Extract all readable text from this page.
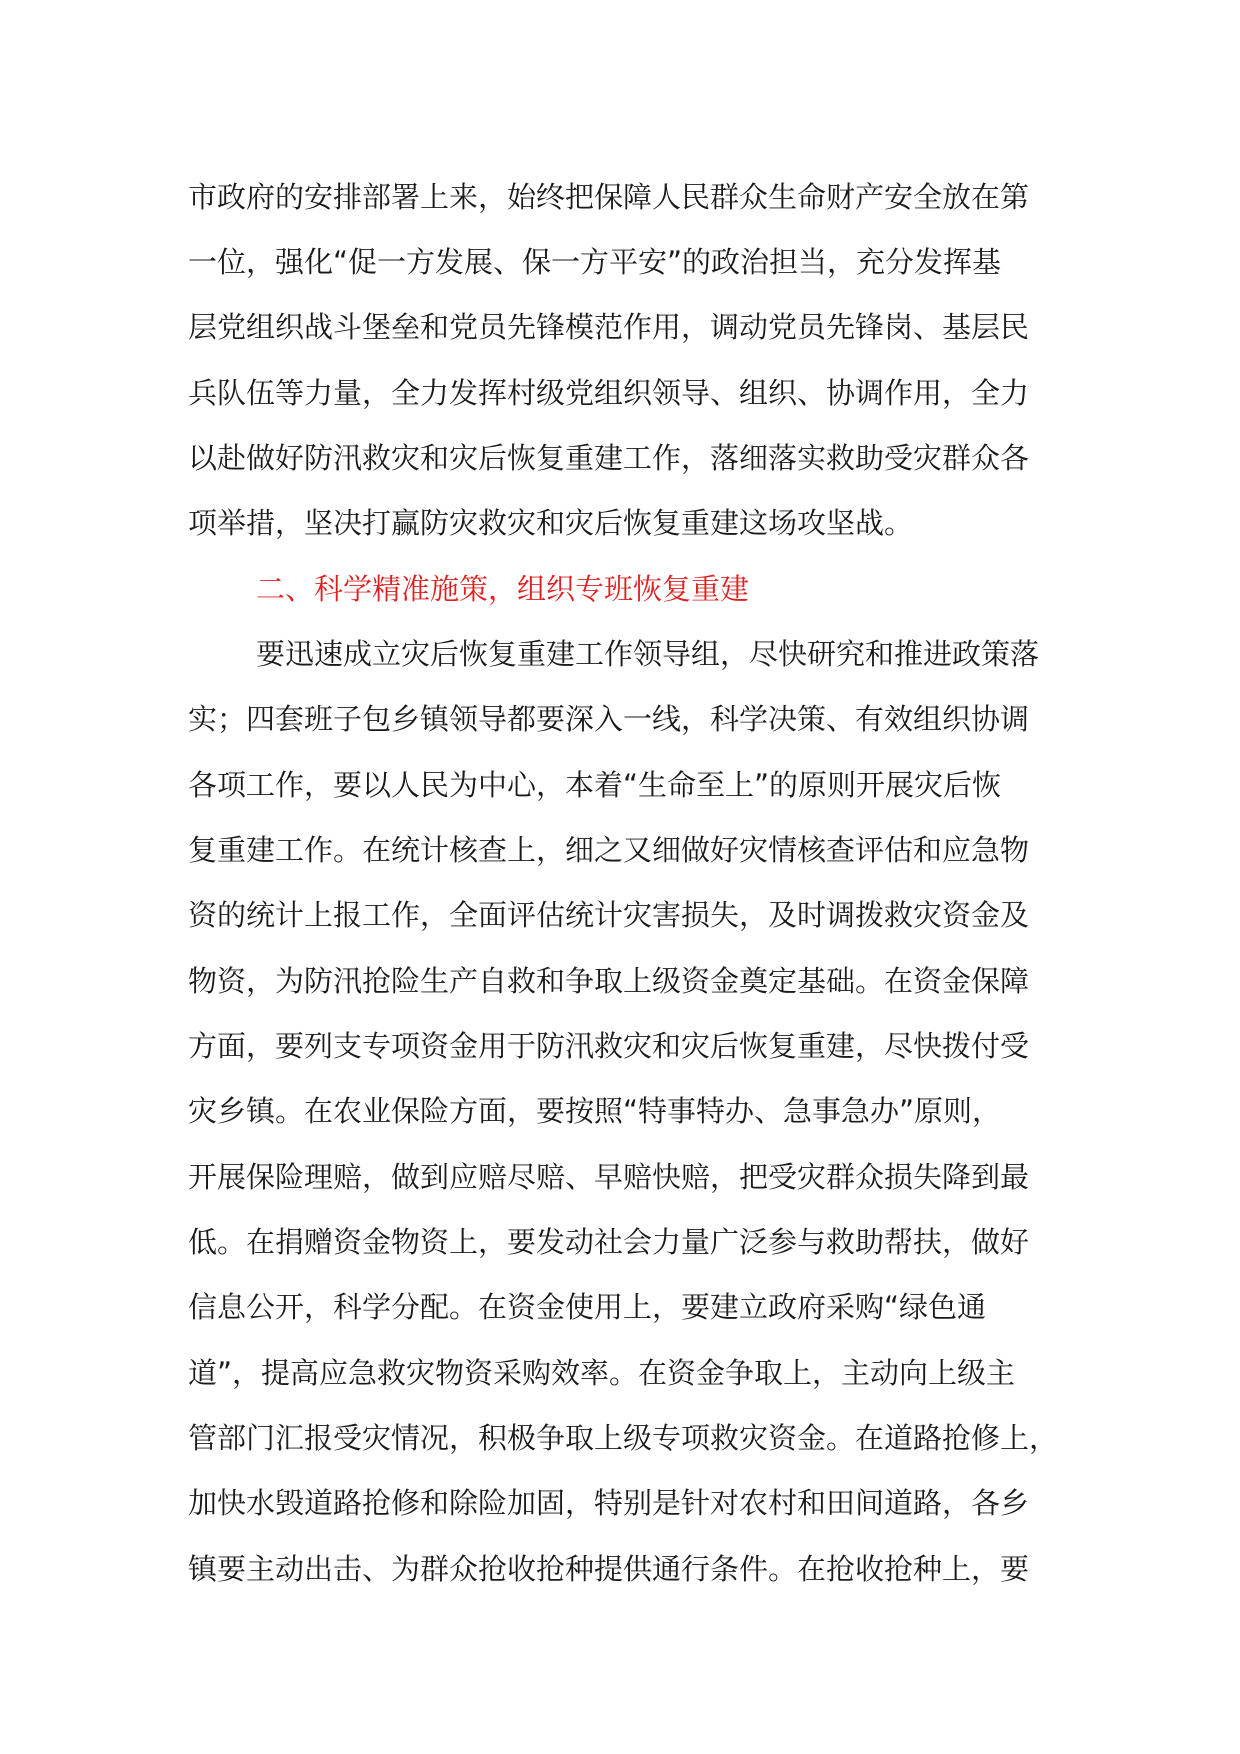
市政府的安排部署上来，始终把保障人民群众生命财产安全放在第
一位，强化“促一方发展、保一方平安”的政治担当，充分发挥基
层党组织战斗堡垒和党员先锋模范作用，调动党员先锋岗、基层民
兵队伍等力量，全力发挥村级党组织领导、组织、协调作用，全力
以赴做好防汛救灾和灾后恢复重建工作，落细落实救助受灾群众各
项举措，坚决打赢防灾救灾和灾后恢复重建这场攻坚战。
二、科学精准施策，组织专班恢复重建
要迅速成立灾后恢复重建工作领导组，尽快研究和推进政策落
实；四套班子包乡镇领导都要深入一线，科学决策、有效组织协调
各项工作，要以人民为中心，本着“生命至上”的原则开展灾后恢
复重建工作。在统计核查上，细之又细做好灾情核查评估和应急物
资的统计上报工作，全面评估统计灾害损失，及时调拨救灾资金及
物资，为防汛抢险生产自救和争取上级资金奠定基础。在资金保障
方面，要列支专项资金用于防汛救灾和灾后恢复重建，尽快拨付受
灾乡镇。在农业保险方面，要按照“特事特办、急事急办”原则，
开展保险理赔，做到应赔尽赔、早赔快赔，把受灾群众损失降到最
低。在捐赠资金物资上，要发动社会力量广泛参与救助帮扶，做好
信息公开，科学分配。在资金使用上，要建立政府采购“绿色通
道”，提高应急救灾物资采购效率。在资金争取上，主动向上级主
管部门汇报受灾情况，积极争取上级专项救灾资金。在道路抢修上，
加快水毁道路抢修和除险加固，特别是针对农村和田间道路，各乡
镇要主动出击、为群众抢收抢种提供通行条件。在抢收抢种上，要
